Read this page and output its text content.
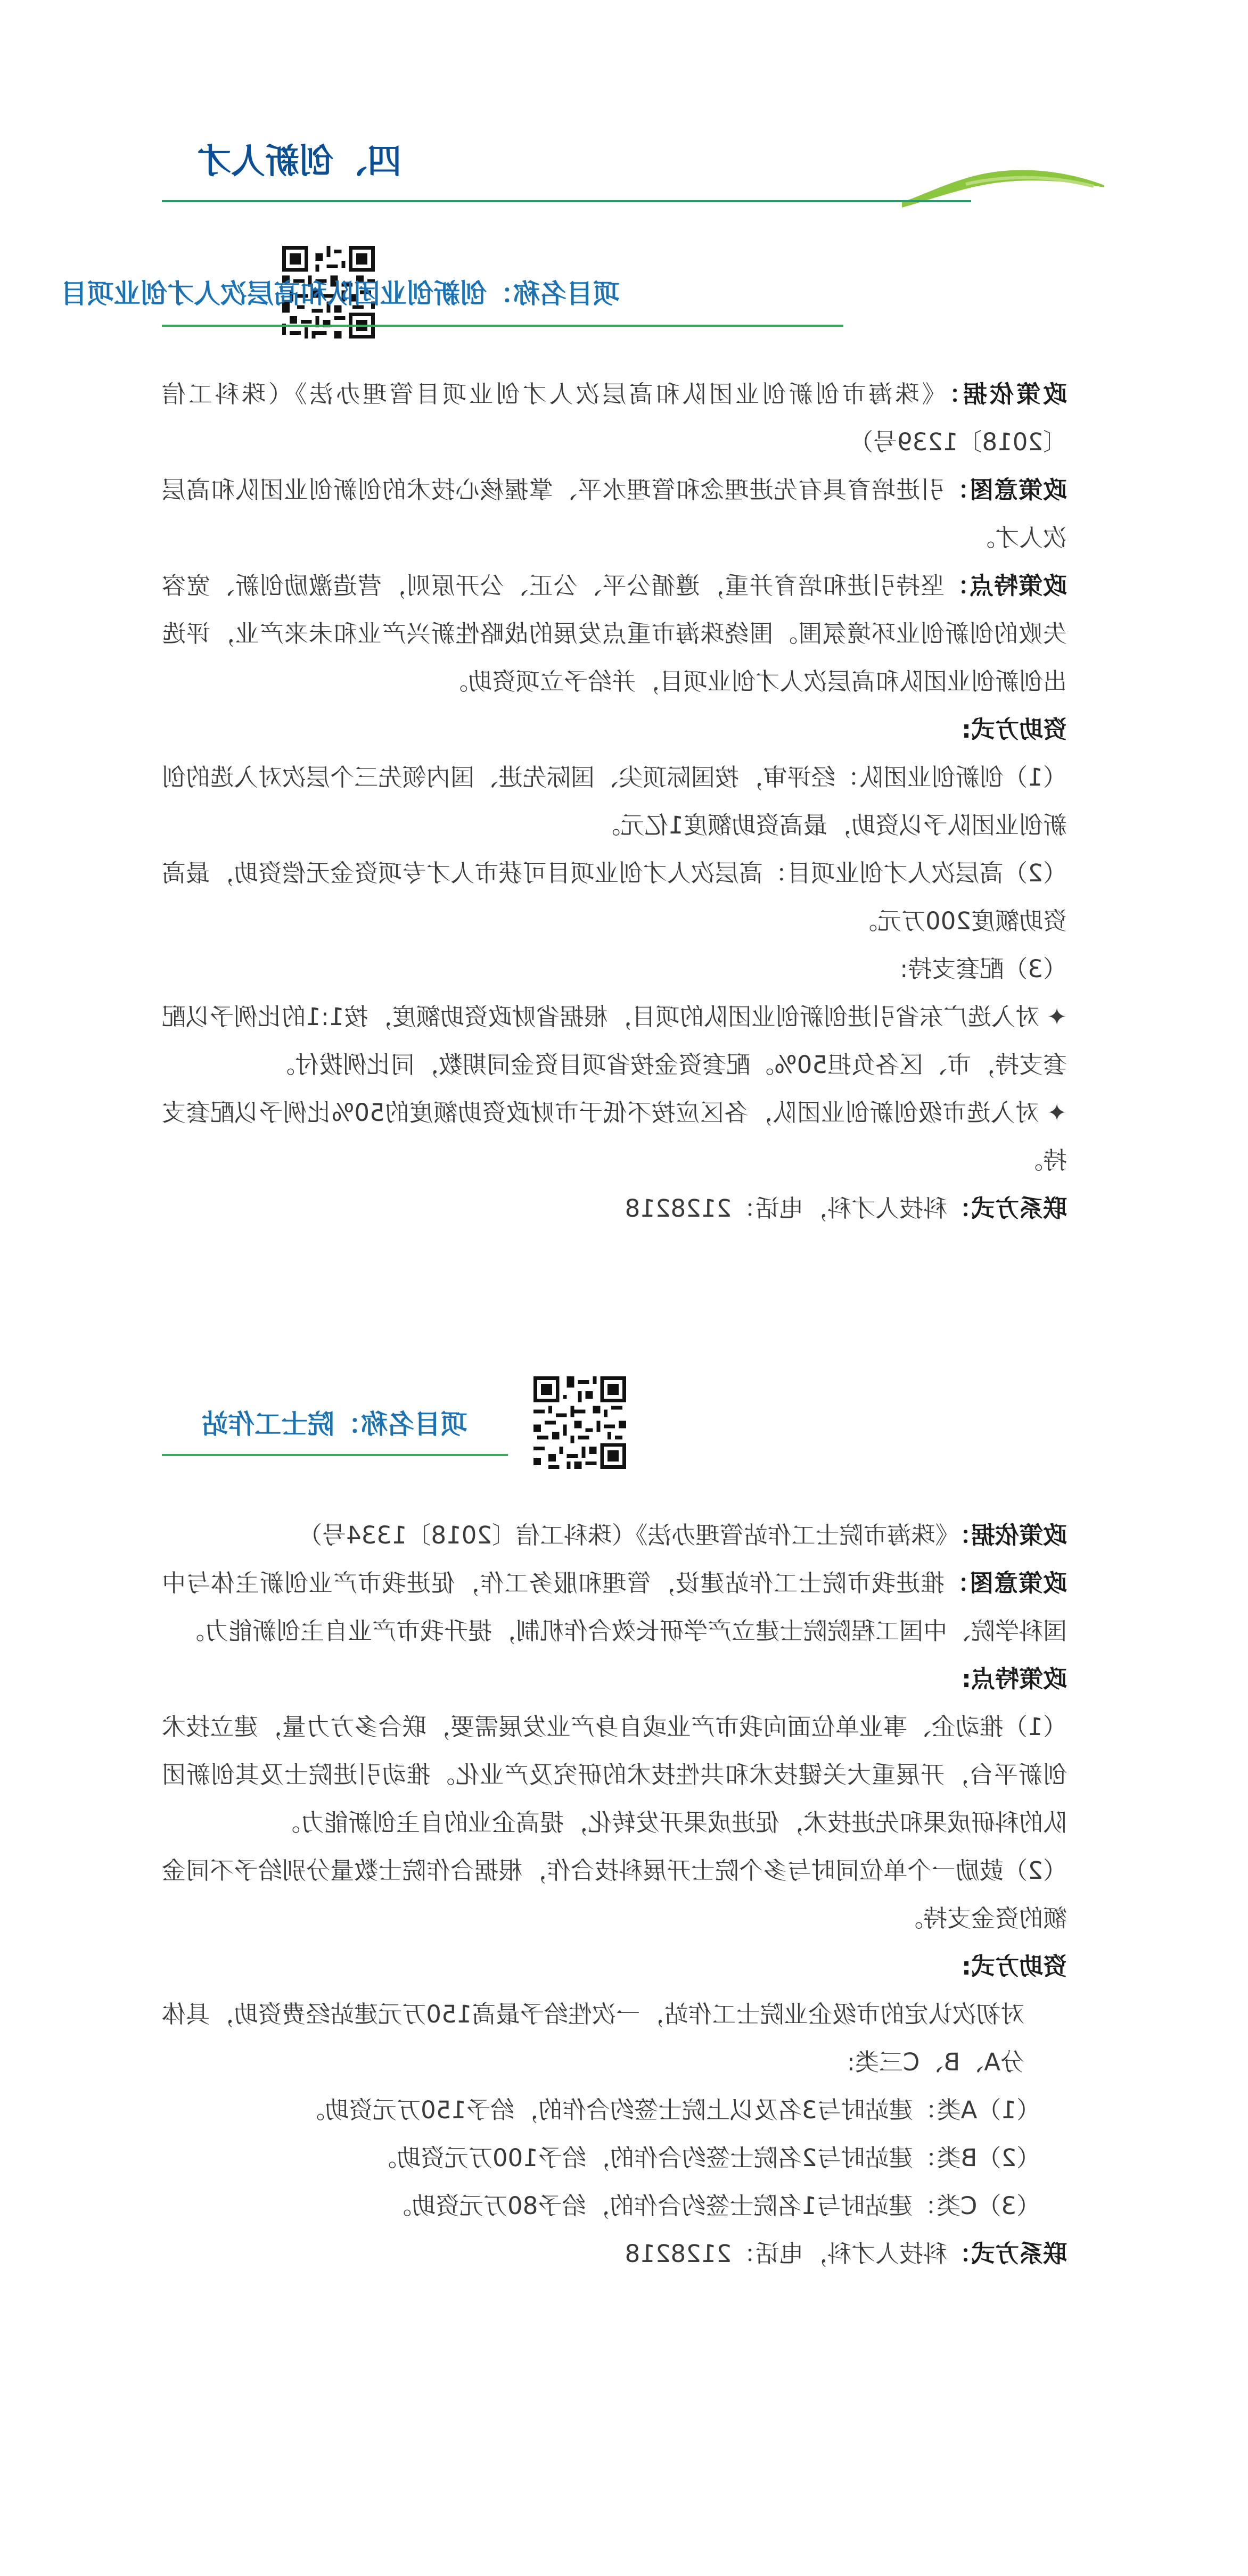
四、创新人才
项目名称：创新创业团队和高层次人才创业项目

政策依据：《珠海市创新创业团队和高层次人才创业项目管理办法》（珠科工信〔2018〕1239号）

政策意图：引进培育具有先进理念和管理水平、掌握核心技术的创新创业团队和高层次人才。

政策特点：坚持引进和培育并重，遵循公平、公正、公开原则，营造激励创新、宽容失败的创新创业环境氛围。围绕珠海市重点发展的战略性新兴产业和未来产业，评选出创新创业团队和高层次人才创业项目，并给予立项资助。

资助方式:

（1）创新创业团队：经评审，按国际顶尖、国际先进、国内领先三个层次对入选的创新创业团队予以资助，最高资助额度1亿元。

（2）高层次人才创业项目：高层次人才创业项目可获市人才专项资金无偿资助，最高资助额度200万元。

（3）配套支持:

✦ 对入选广东省引进创新创业团队的项目，根据省财政资助额度，按1:1的比例予以配套支持，市、区各负担50%。配套资金按省项目资金同期数，同比例拨付。

✦ 对入选市级创新创业团队，各区应按不低于市财政资助额度的50%比例予以配套支持。

联系方式：科技人才科，电话：2128218

项目名称：院士工作站

政策依据：《珠海市院士工作站管理办法》（珠科工信〔2018〕1334号）

政策意图：推进我市院士工作站建设，管理和服务工作，促进我市产业创新主体与中国科学院、中国工程院院士建立产学研长效合作机制，提升我市产业自主创新能力。

政策特点:

（1）推动企、事业单位面向我市产业或自身产业发展需要，联合多方力量，建立技术创新平台，开展重大关键技术和共性技术的研究及产业化。推动引进院士及其创新团队的科研成果和先进技术，促进成果开发转化，提高企业的自主创新能力。

（2）鼓励一个单位同时与多个院士开展科技合作，根据合作院士数量分别给予不同金额的资金支持。

资助方式:

对初次认定的市级企业院士工作站，一次性给予最高150万元建站经费资助，具体分A、B、C三类:

（1）A类：建站时与3名及以上院士签约合作的，给予150万元资助。

（2）B类：建站时与2名院士签约合作的，给予100万元资助。

（3）C类：建站时与1名院士签约合作的，给予80万元资助。

联系方式：科技人才科，电话：2128218
